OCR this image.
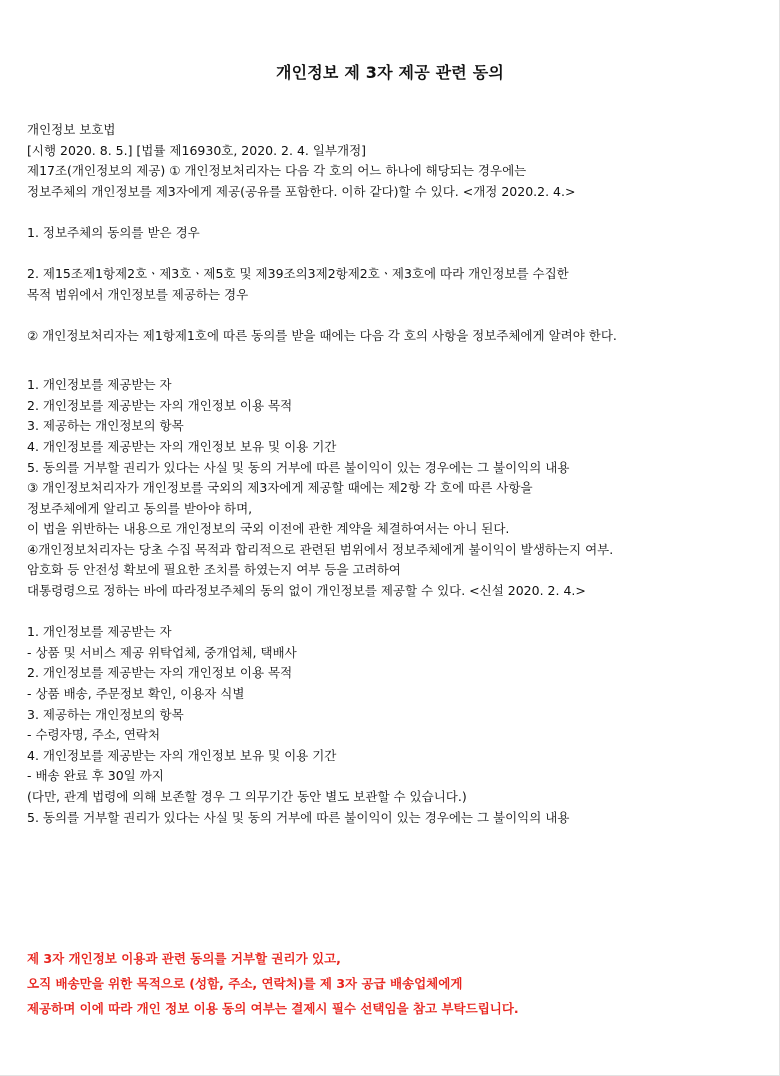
개인정보 제 3자 제공 관련 동의
개인정보 보호법
[시행 2020. 8. 5.] [법률 제16930호, 2020. 2. 4. 일부개정]
제17조(개인정보의 제공) ① 개인정보처리자는 다음 각 호의 어느 하나에 해당되는 경우에는
정보주체의 개인정보를 제3자에게 제공(공유를 포함한다. 이하 같다)할 수 있다. <개정 2020.2. 4.>
1. 정보주체의 동의를 받은 경우
2. 제15조제1항제2호ㆍ제3호ㆍ제5호 및 제39조의3제2항제2호ㆍ제3호에 따라 개인정보를 수집한
목적 범위에서 개인정보를 제공하는 경우
② 개인정보처리자는 제1항제1호에 따른 동의를 받을 때에는 다음 각 호의 사항을 정보주체에게 알려야 한다.
1. 개인정보를 제공받는 자
2. 개인정보를 제공받는 자의 개인정보 이용 목적
3. 제공하는 개인정보의 항목
4. 개인정보를 제공받는 자의 개인정보 보유 및 이용 기간
5. 동의를 거부할 권리가 있다는 사실 및 동의 거부에 따른 불이익이 있는 경우에는 그 불이익의 내용
③ 개인정보처리자가 개인정보를 국외의 제3자에게 제공할 때에는 제2항 각 호에 따른 사항을
정보주체에게 알리고 동의를 받아야 하며,
이 법을 위반하는 내용으로 개인정보의 국외 이전에 관한 계약을 체결하여서는 아니 된다.
④개인정보처리자는 당초 수집 목적과 합리적으로 관련된 범위에서 정보주체에게 불이익이 발생하는지 여부.
암호화 등 안전성 확보에 필요한 조치를 하였는지 여부 등을 고려하여
대통령령으로 정하는 바에 따라정보주체의 동의 없이 개인정보를 제공할 수 있다. <신설 2020. 2. 4.>
1. 개인정보를 제공받는 자
- 상품 및 서비스 제공 위탁업체, 중개업체, 택배사
2. 개인정보를 제공받는 자의 개인정보 이용 목적
- 상품 배송, 주문정보 확인, 이용자 식별
3. 제공하는 개인정보의 항목
- 수령자명, 주소, 연락처
4. 개인정보를 제공받는 자의 개인정보 보유 및 이용 기간
- 배송 완료 후 30일 까지
(다만, 관계 법령에 의해 보존할 경우 그 의무기간 동안 별도 보관할 수 있습니다.)
5. 동의를 거부할 권리가 있다는 사실 및 동의 거부에 따른 불이익이 있는 경우에는 그 불이익의 내용
제 3자 개인정보 이용과 관련 동의를 거부할 권리가 있고,
오직 배송만을 위한 목적으로 (성함, 주소, 연락처)를 제 3자 공급 배송업체에게
제공하며 이에 따라 개인 정보 이용 동의 여부는 결제시 필수 선택임을 참고 부탁드립니다.
